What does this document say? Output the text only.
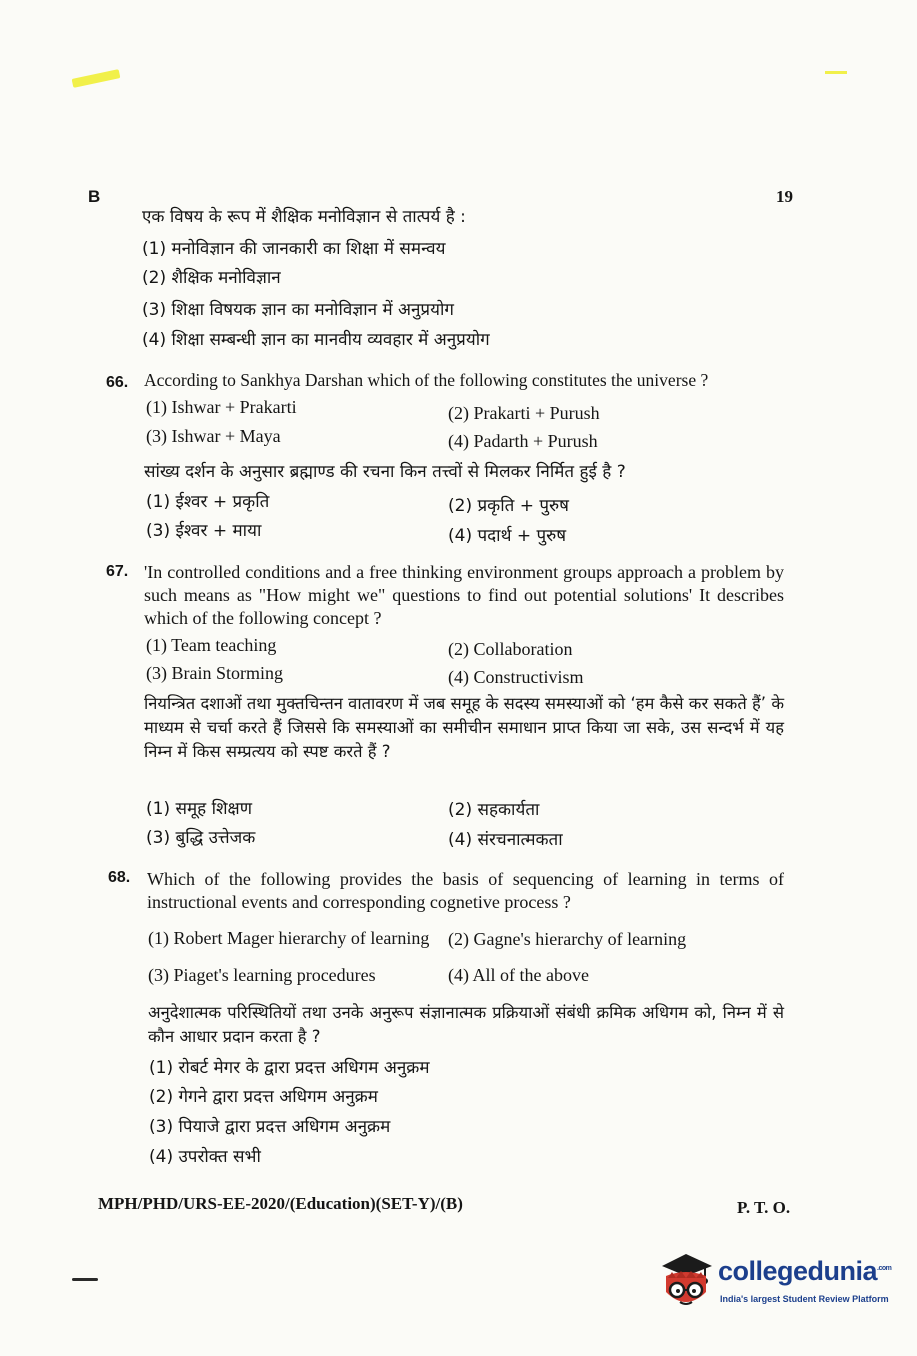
B	19
एक विषय के रूप में शैक्षिक मनोविज्ञान से तात्पर्य है :
(1) मनोविज्ञान की जानकारी का शिक्षा में समन्वय
(2) शैक्षिक मनोविज्ञान
(3) शिक्षा विषयक ज्ञान का मनोविज्ञान में अनुप्रयोग
(4) शिक्षा सम्बन्धी ज्ञान का मानवीय व्यवहार में अनुप्रयोग
66. According to Sankhya Darshan which of the following constitutes the universe ?
(1) Ishwar + Prakarti	(2) Prakarti + Purush
(3) Ishwar + Maya	(4) Padarth + Purush
सांख्य दर्शन के अनुसार ब्रह्माण्ड की रचना किन तत्त्वों से मिलकर निर्मित हुई है ?
(1) ईश्वर + प्रकृति	(2) प्रकृति + पुरुष
(3) ईश्वर + माया	(4) पदार्थ + पुरुष
67. 'In controlled conditions and a free thinking environment groups approach a problem by such means as "How might we" questions to find out potential solutions' It describes which of the following concept ?
(1) Team teaching	(2) Collaboration
(3) Brain Storming	(4) Constructivism
नियन्त्रित दशाओं तथा मुक्तचिन्तन वातावरण में जब समूह के सदस्य समस्याओं को ‘हम कैसे कर सकते हैं’ के माध्यम से चर्चा करते हैं जिससे कि समस्याओं का समीचीन समाधान प्राप्त किया जा सके, उस सन्दर्भ में यह निम्न में किस सम्प्रत्यय को स्पष्ट करते हैं ?
(1) समूह शिक्षण	(2) सहकार्यता
(3) बुद्धि उत्तेजक	(4) संरचनात्मकता
68. Which of the following provides the basis of sequencing of learning in terms of instructional events and corresponding cognetive process ?
(1) Robert Mager hierarchy of learning (2) Gagne's hierarchy of learning
(3) Piaget's learning procedures	(4) All of the above
अनुदेशात्मक परिस्थितियों तथा उनके अनुरूप संज्ञानात्मक प्रक्रियाओं संबंधी क्रमिक अधिगम को, निम्न में से कौन आधार प्रदान करता है ?
(1) रोबर्ट मेगर के द्वारा प्रदत्त अधिगम अनुक्रम
(2) गेगने द्वारा प्रदत्त अधिगम अनुक्रम
(3) पियाजे द्वारा प्रदत्त अधिगम अनुक्रम
(4) उपरोक्त सभी
MPH/PHD/URS-EE-2020/(Education)(SET-Y)/(B)	P. T. O.
collegedunia$^{.com}$
India's largest Student Review Platform
